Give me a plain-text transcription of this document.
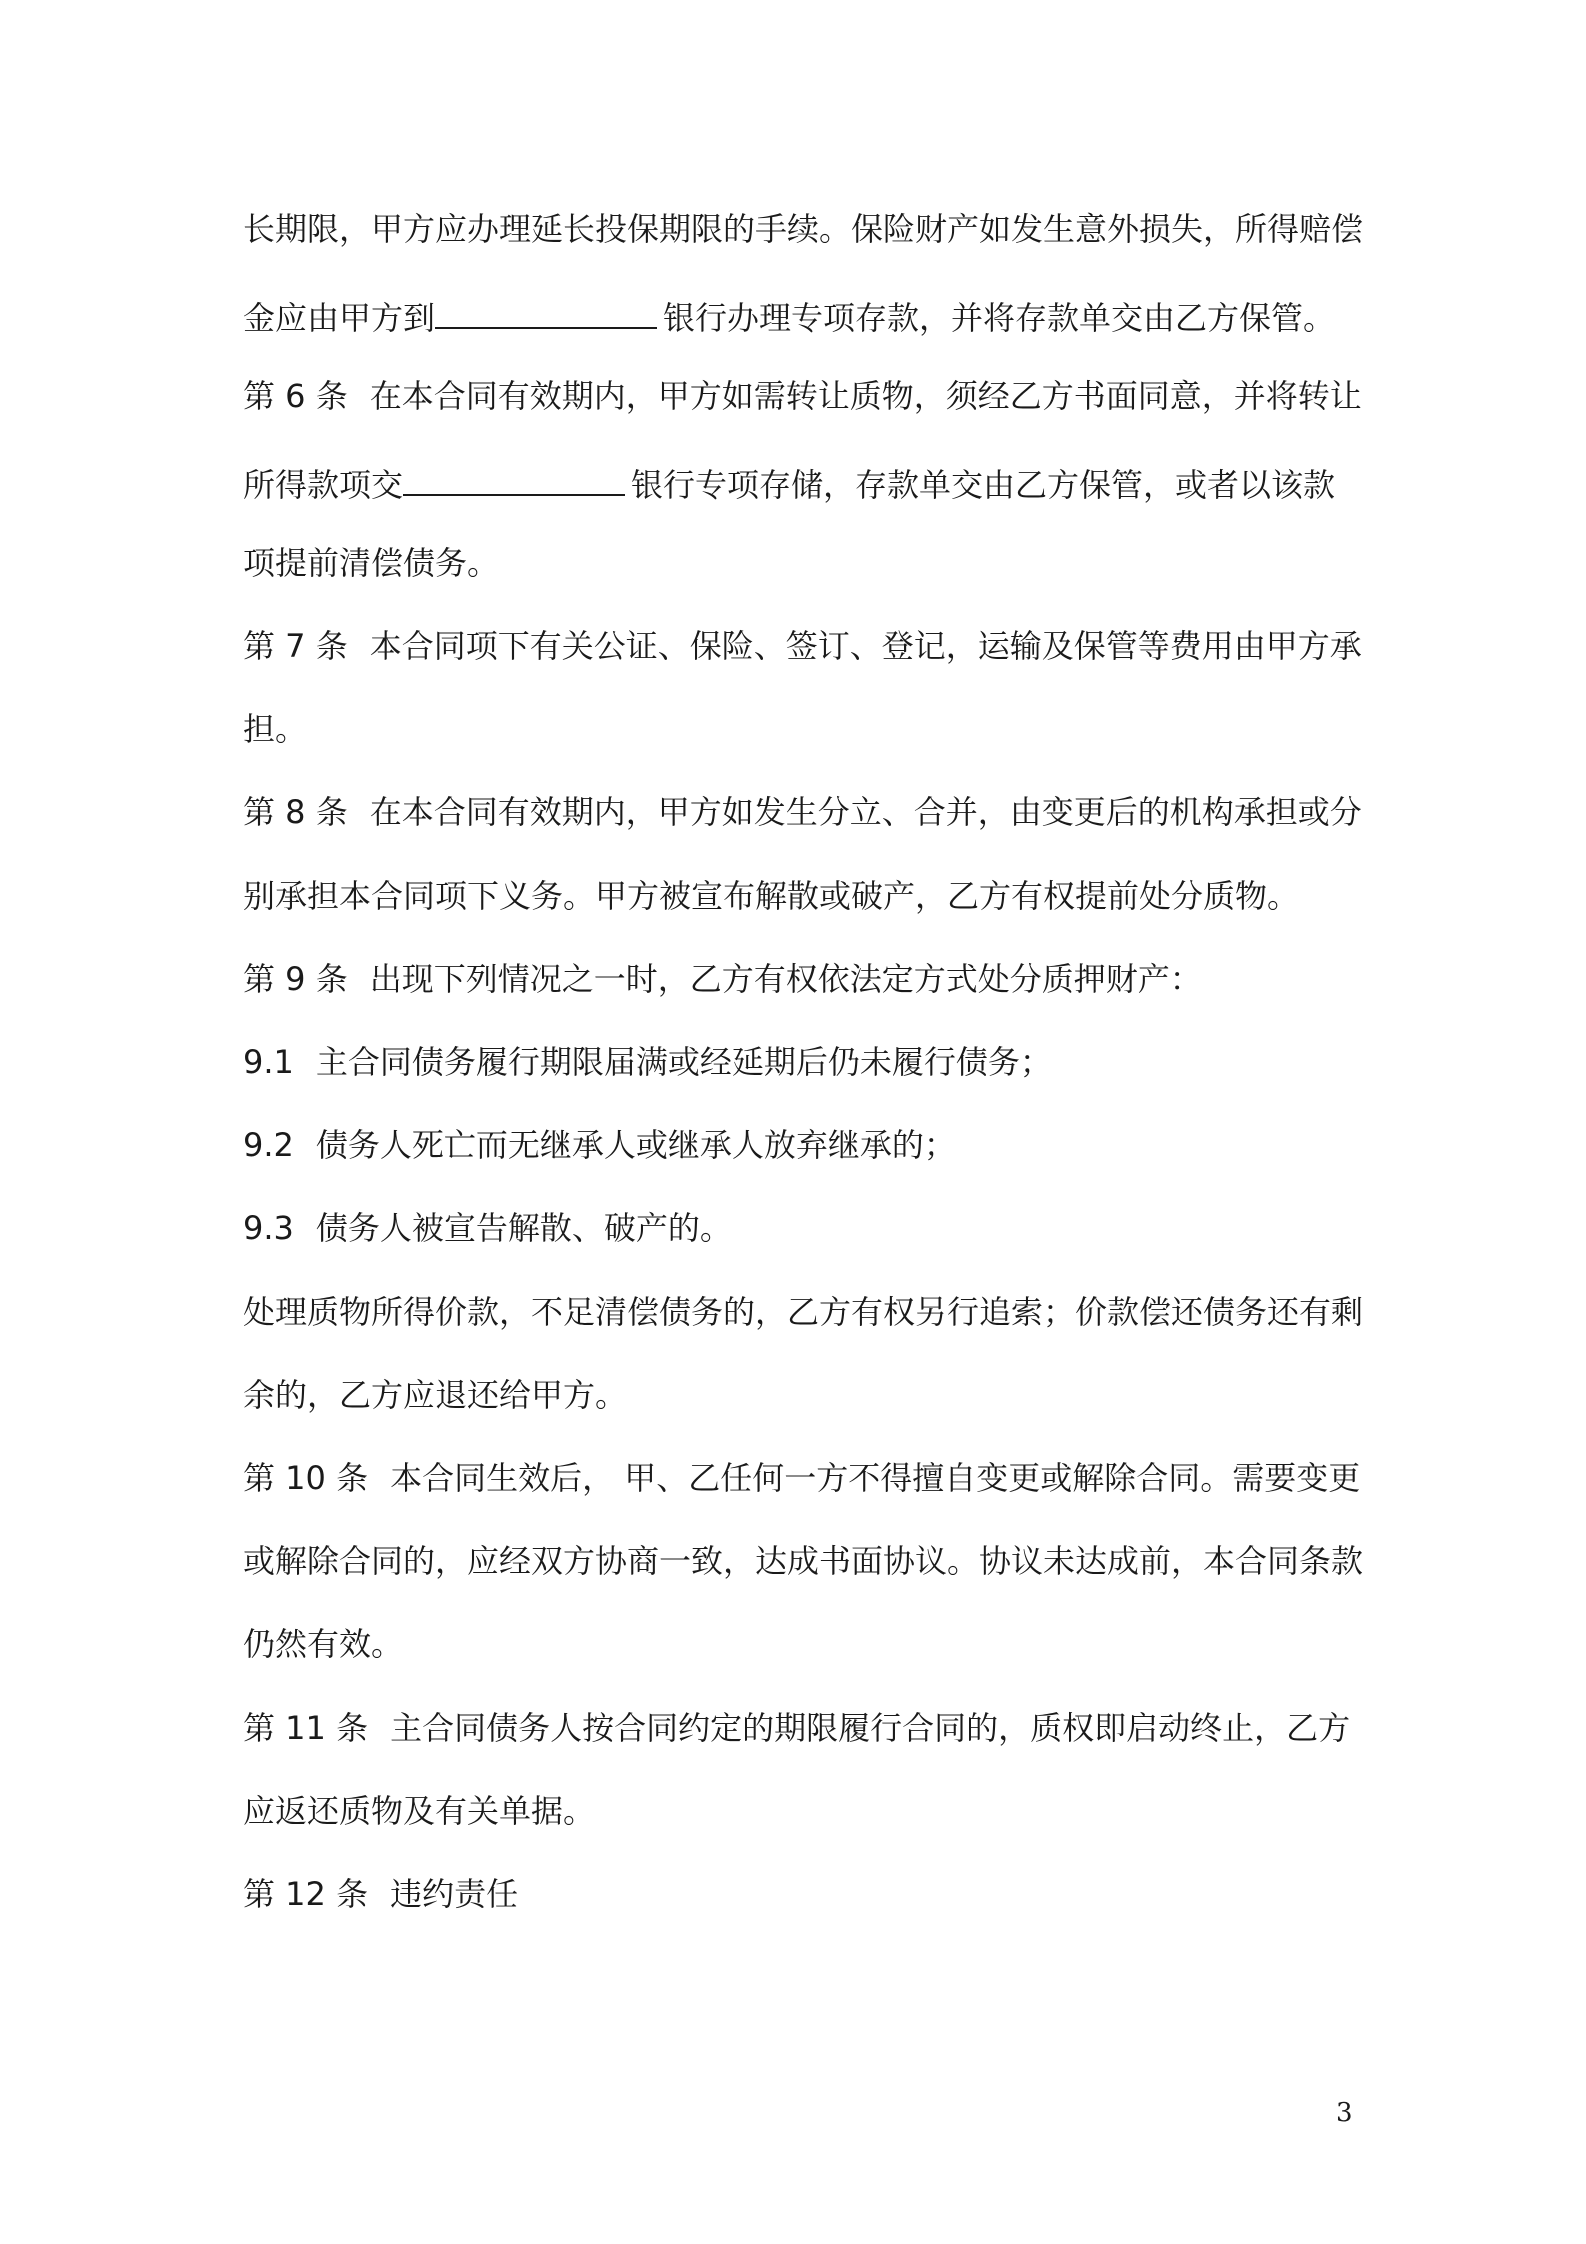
长期限，甲方应办理延长投保期限的手续。保险财产如发生意外损失，所得赔偿
金应由甲方到	银行办理专项存款，并将存款单交由乙方保管。
第 6 条 在本合同有效期内，甲方如需转让质物，须经乙方书面同意，并将转让
所得款项交	银行专项存储，存款单交由乙方保管，或者以该款
项提前清偿债务。
第 7 条 本合同项下有关公证、保险、签订、登记，运输及保管等费用由甲方承
担。
第 8 条 在本合同有效期内，甲方如发生分立、合并，由变更后的机构承担或分
别承担本合同项下义务。甲方被宣布解散或破产，乙方有权提前处分质物。
第 9 条 出现下列情况之一时，乙方有权依法定方式处分质押财产：
9.1 主合同债务履行期限届满或经延期后仍未履行债务；
9.2 债务人死亡而无继承人或继承人放弃继承的；
9.3 债务人被宣告解散、破产的。
处理质物所得价款，不足清偿债务的，乙方有权另行追索；价款偿还债务还有剩
余的，乙方应退还给甲方。
第 10 条 本合同生效后， 甲、乙任何一方不得擅自变更或解除合同。需要变更
或解除合同的，应经双方协商一致，达成书面协议。协议未达成前，本合同条款
仍然有效。
第 11 条 主合同债务人按合同约定的期限履行合同的，质权即启动终止，乙方
应返还质物及有关单据。
第 12 条 违约责任
3
